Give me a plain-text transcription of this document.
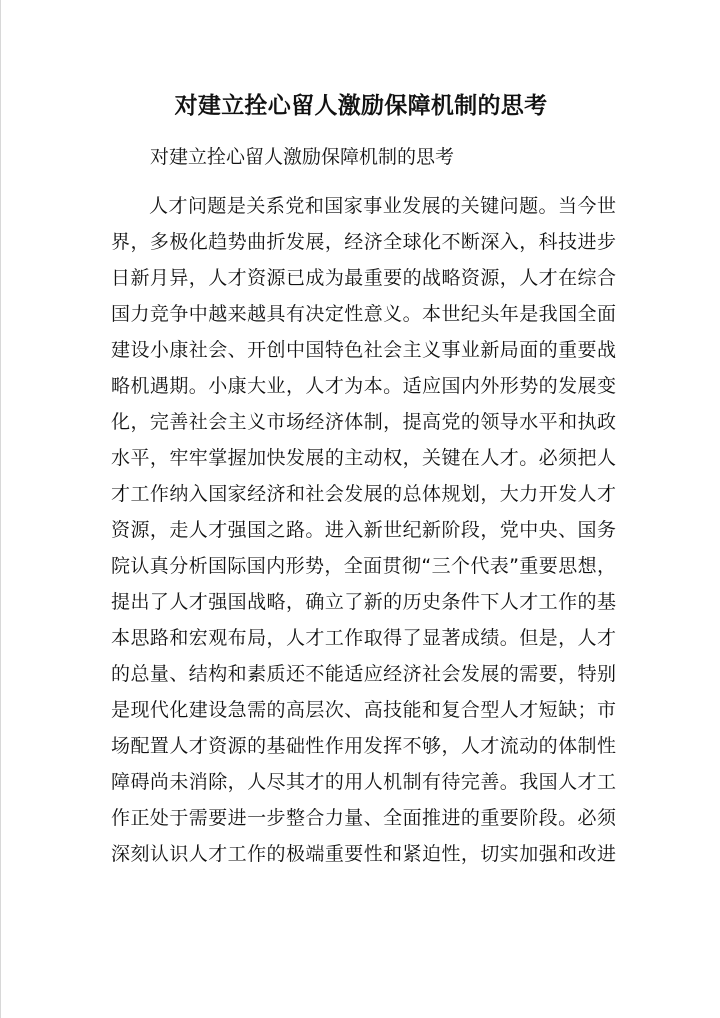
对建立拴心留人激励保障机制的思考
对建立拴心留人激励保障机制的思考
人才问题是关系党和国家事业发展的关键问题。当今世
界，多极化趋势曲折发展，经济全球化不断深入，科技进步
日新月异，人才资源已成为最重要的战略资源，人才在综合
国力竞争中越来越具有决定性意义。本世纪头年是我国全面
建设小康社会、开创中国特色社会主义事业新局面的重要战
略机遇期。小康大业，人才为本。适应国内外形势的发展变
化，完善社会主义市场经济体制，提高党的领导水平和执政
水平，牢牢掌握加快发展的主动权，关键在人才。必须把人
才工作纳入国家经济和社会发展的总体规划，大力开发人才
资源，走人才强国之路。进入新世纪新阶段，党中央、国务
院认真分析国际国内形势，全面贯彻“三个代表”重要思想，
提出了人才强国战略，确立了新的历史条件下人才工作的基
本思路和宏观布局，人才工作取得了显著成绩。但是，人才
的总量、结构和素质还不能适应经济社会发展的需要，特别
是现代化建设急需的高层次、高技能和复合型人才短缺；市
场配置人才资源的基础性作用发挥不够，人才流动的体制性
障碍尚未消除，人尽其才的用人机制有待完善。我国人才工
作正处于需要进一步整合力量、全面推进的重要阶段。必须
深刻认识人才工作的极端重要性和紧迫性，切实加强和改进
